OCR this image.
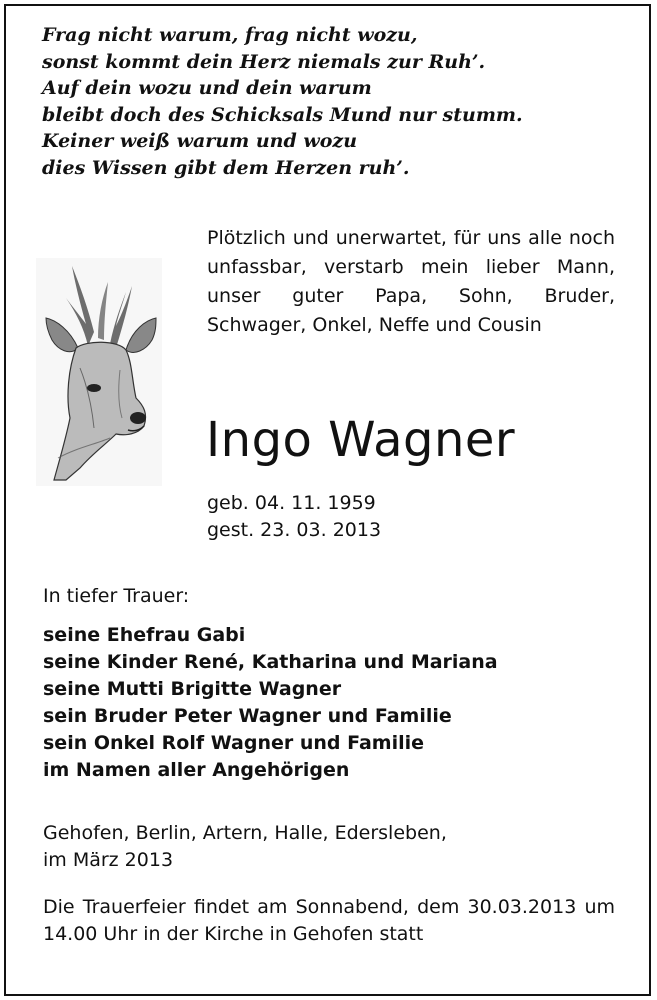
Frag nicht warum, frag nicht wozu,
sonst kommt dein Herz niemals zur Ruh’.
Auf dein wozu und dein warum
bleibt doch des Schicksals Mund nur stumm.
Keiner weiß warum und wozu
dies Wissen gibt dem Herzen ruh’.
Plötzlich und unerwartet, für uns alle noch unfassbar, verstarb mein lieber Mann, unser guter Papa, Sohn, Bruder, Schwager, Onkel, Neffe und Cousin
Ingo Wagner
geb. 04. 11. 1959
gest. 23. 03. 2013
In tiefer Trauer:
seine Ehefrau Gabi
seine Kinder René, Katharina und Mariana
seine Mutti Brigitte Wagner
sein Bruder Peter Wagner und Familie
sein Onkel Rolf Wagner und Familie
im Namen aller Angehörigen
Gehofen, Berlin, Artern, Halle, Edersleben,
im März 2013
Die Trauerfeier findet am Sonnabend, dem 30.03.2013 um 14.00 Uhr in der Kirche in Gehofen statt
